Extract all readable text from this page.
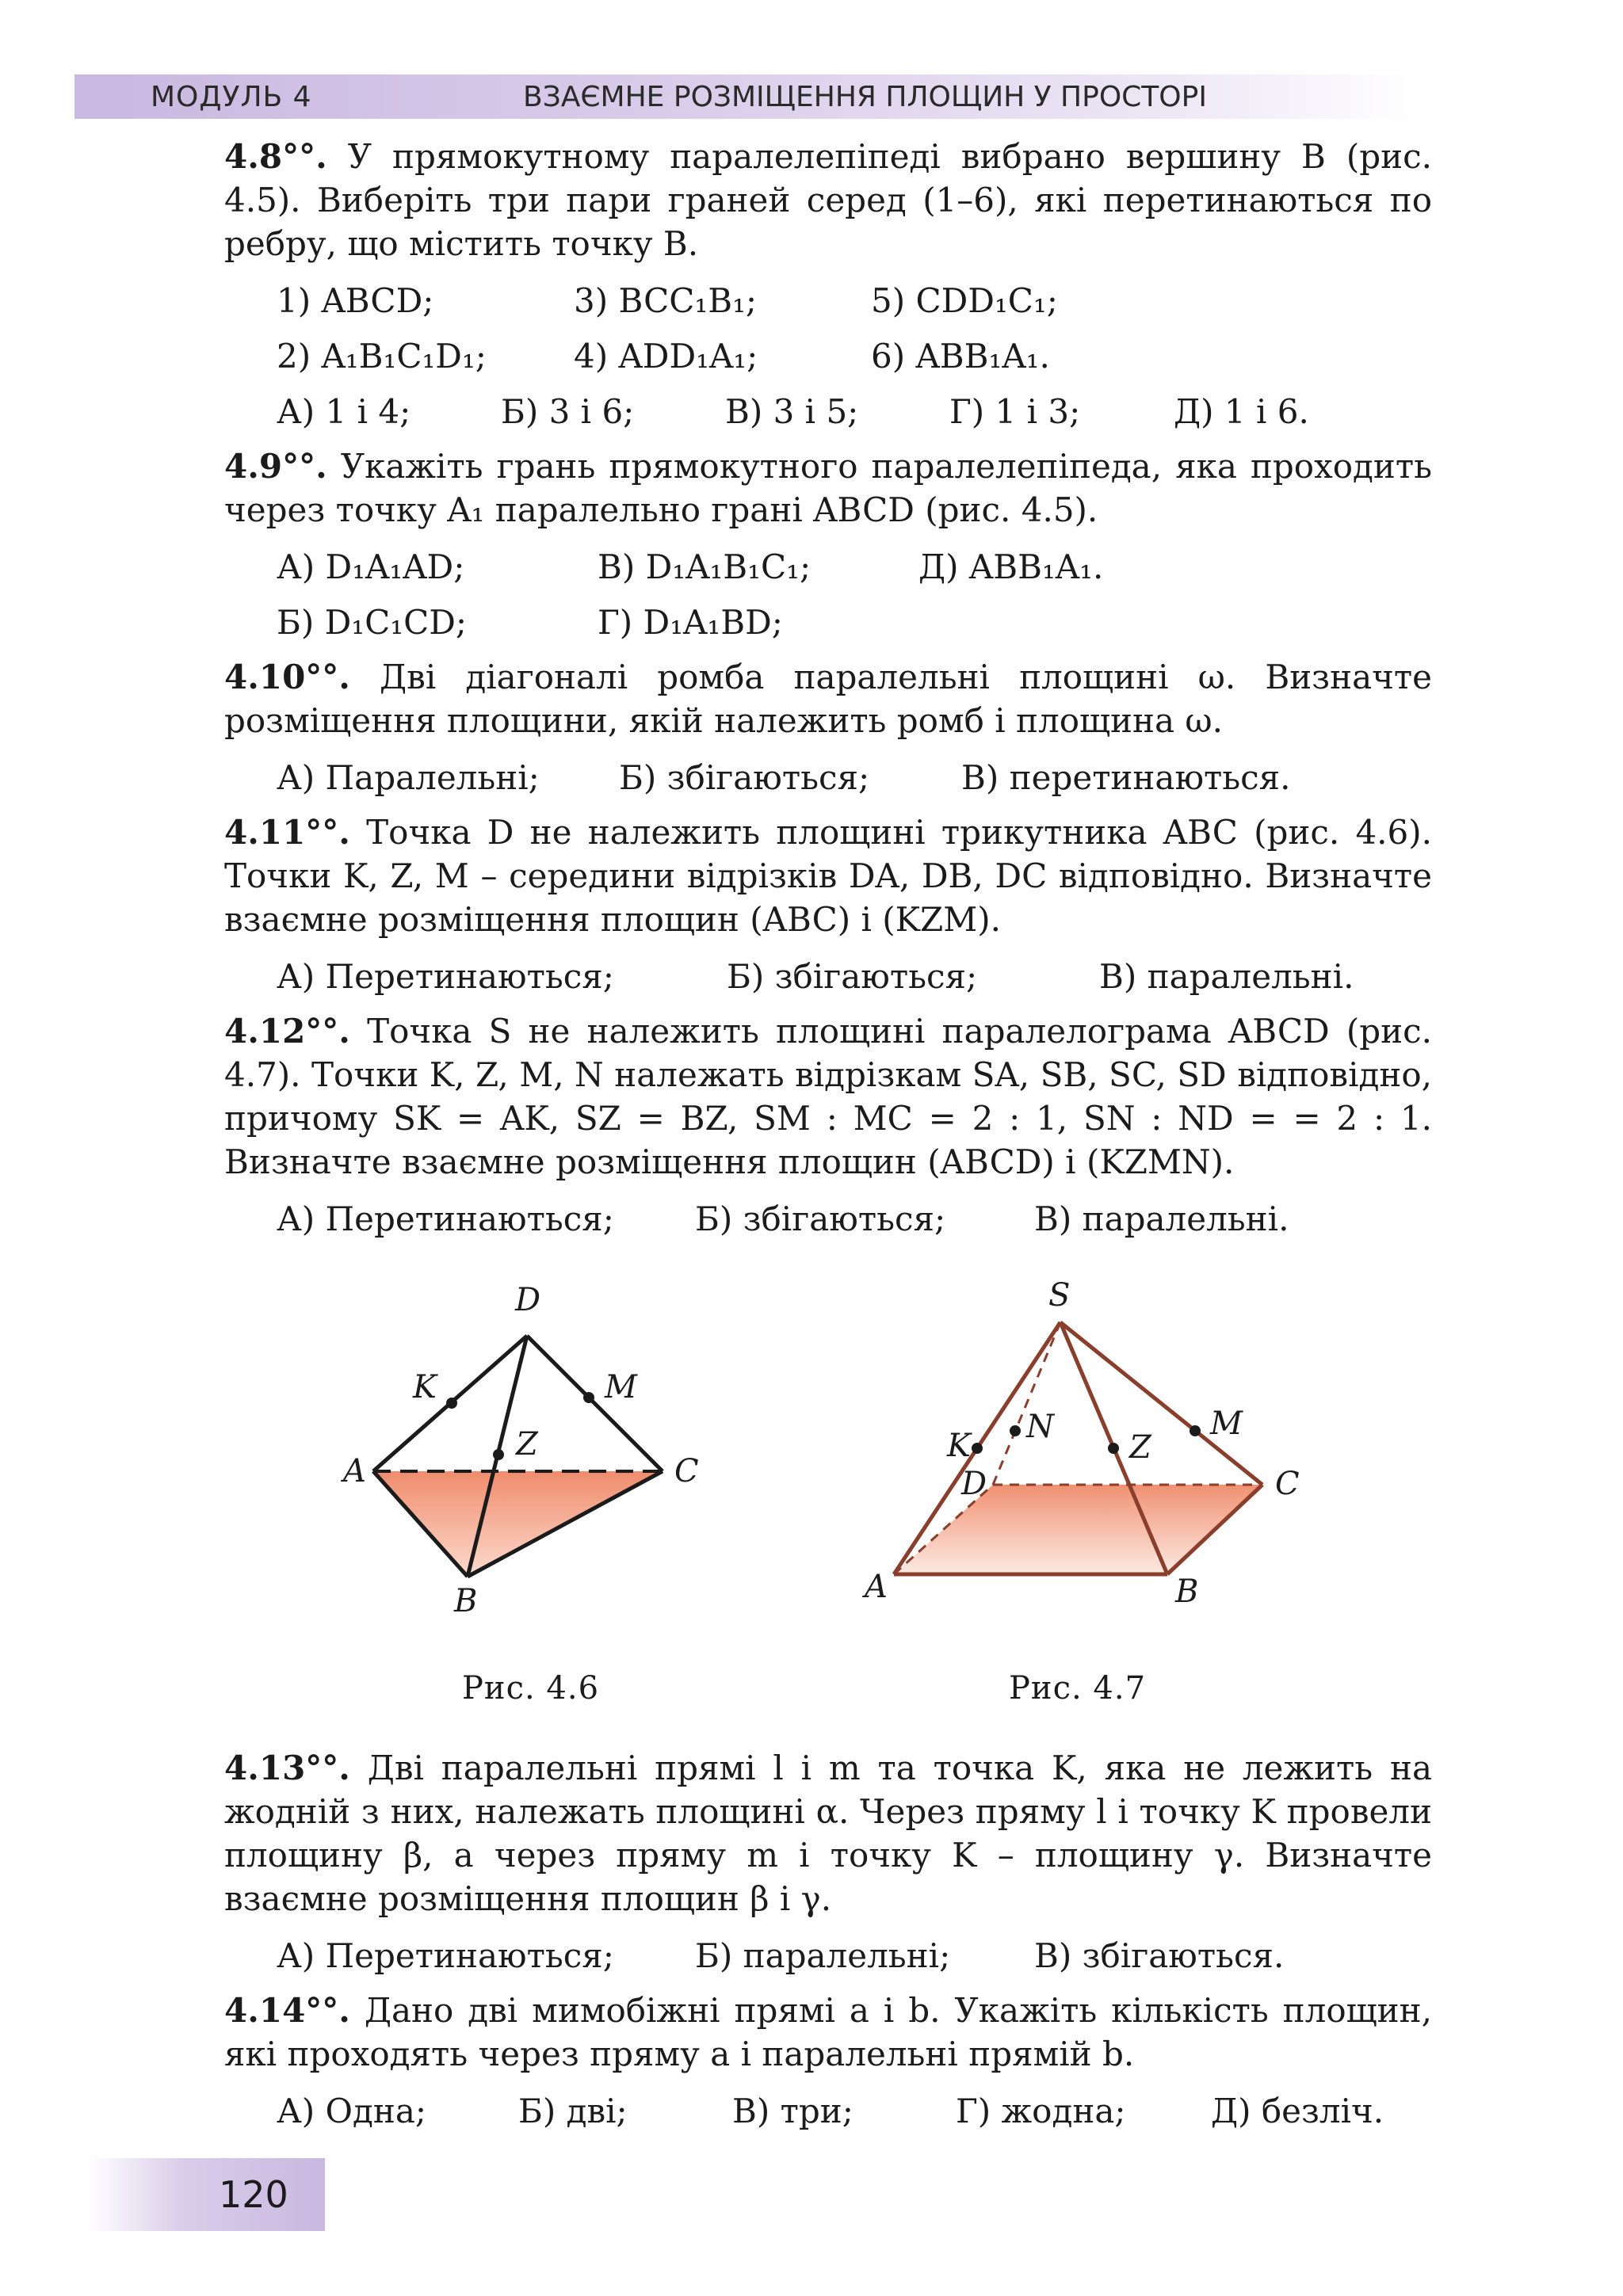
МОДУЛЬ 4	ВЗАЄМНЕ РОЗМІЩЕННЯ ПЛОЩИН У ПРОСТОРІ

4.8°°. У прямокутному паралелепіпеді вибрано вершину B (рис. 4.5). Виберіть три пари граней серед (1–6), які перетинаються по ребру, що містить точку B.

1) ABCD;	3) BCC₁B₁;	5) CDD₁C₁;
2) A₁B₁C₁D₁;	4) ADD₁A₁;	6) ABB₁A₁.
А) 1 і 4;	Б) 3 і 6;	В) 3 і 5;	Г) 1 і 3;	Д) 1 і 6.

4.9°°. Укажіть грань прямокутного паралелепіпеда, яка проходить через точку A₁ паралельно грані ABCD (рис. 4.5).

А) D₁A₁AD;	В) D₁A₁B₁C₁;	Д) ABB₁A₁.
Б) D₁C₁CD;	Г) D₁A₁BD;

4.10°°. Дві діагоналі ромба паралельні площині ω. Визначте розміщення площини, якій належить ромб і площина ω.

А) Паралельні;	Б) збігаються;	В) перетинаються.

4.11°°. Точка D не належить площині трикутника ABC (рис. 4.6). Точки K, Z, M – середини відрізків DA, DB, DC відповідно. Визначте взаємне розміщення площин (ABC) і (KZM).

А) Перетинаються;	Б) збігаються;	В) паралельні.

4.12°°. Точка S не належить площині паралелограма ABCD (рис. 4.7). Точки K, Z, M, N належать відрізкам SA, SB, SC, SD відповідно, причому SK = AK, SZ = BZ, SM : MC = 2 : 1, SN : ND = = 2 : 1. Визначте взаємне розміщення площин (ABCD) і (KZMN).

А) Перетинаються;	Б) збігаються;	В) паралельні.
D
K	M
Z
A	C
B
Рис. 4.6
S
K
N
Z
M
D	C
A	B
Рис. 4.7

4.13°°. Дві паралельні прямі l і m та точка K, яка не лежить на жодній з них, належать площині α. Через пряму l і точку K провели площину β, а через пряму m і точку K – площину γ. Визначте взаємне розміщення площин β і γ.

А) Перетинаються;	Б) паралельні;	В) збігаються.

4.14°°. Дано дві мимобіжні прямі a і b. Укажіть кількість площин, які проходять через пряму a і паралельні прямій b.

А) Одна;	Б) дві;	В) три;	Г) жодна;	Д) безліч.
120
